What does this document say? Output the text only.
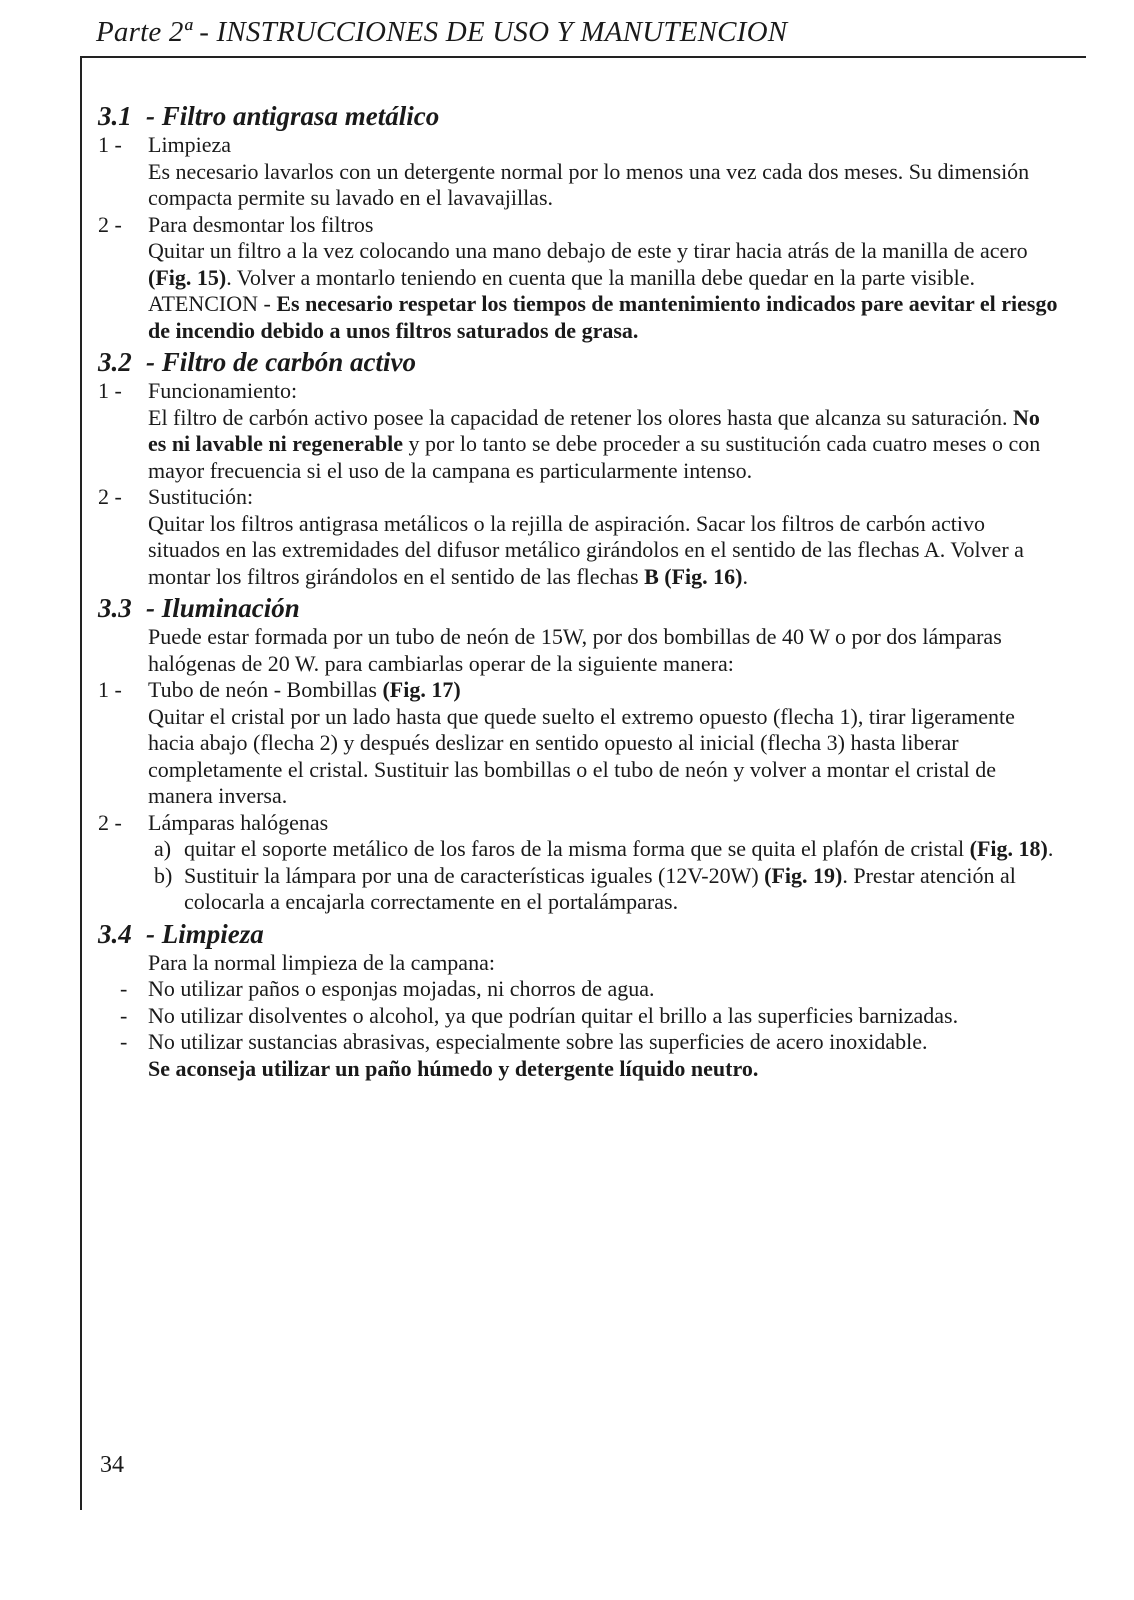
Parte 2ª - INSTRUCCIONES DE USO Y MANUTENCION
3.1 - Filtro antigrasa metálico
1 -	Limpieza

Es necesario lavarlos con un detergente normal por lo menos una vez cada dos meses. Su dimensión compacta permite su lavado en el lavavajillas.

2 -	Para desmontar los filtros

Quitar un filtro a la vez colocando una mano debajo de este y tirar hacia atrás de la manilla de acero (Fig. 15). Volver a montarlo teniendo en cuenta que la manilla debe quedar en la parte visible. ATENCION - Es necesario respetar los tiempos de mantenimiento indicados pare aevitar el riesgo de incendio debido a unos filtros saturados de grasa.

3.2 - Filtro de carbón activo
1 -	Funcionamiento:

El filtro de carbón activo posee la capacidad de retener los olores hasta que alcanza su saturación. No es ni lavable ni regenerable y por lo tanto se debe proceder a su sustitución cada cuatro meses o con mayor frecuencia si el uso de la campana es particularmente intenso.

2 -	Sustitución:

Quitar los filtros antigrasa metálicos o la rejilla de aspiración. Sacar los filtros de carbón activo situados en las extremidades del difusor metálico girándolos en el sentido de las flechas A. Volver a montar los filtros girándolos en el sentido de las flechas B (Fig. 16).

3.3 - Iluminación

Puede estar formada por un tubo de neón de 15W, por dos bombillas de 40 W o por dos lámparas halógenas de 20 W. para cambiarlas operar de la siguiente manera:

1 -	Tubo de neón - Bombillas (Fig. 17)

Quitar el cristal por un lado hasta que quede suelto el extremo opuesto (flecha 1), tirar ligeramente hacia abajo (flecha 2) y después deslizar en sentido opuesto al inicial (flecha 3) hasta liberar completamente el cristal. Sustituir las bombillas o el tubo de neón y volver a montar el cristal de manera inversa.

2 -	Lámparas halógenas

a) quitar el soporte metálico de los faros de la misma forma que se quita el plafón de cristal (Fig. 18).

b) Sustituir la lámpara por una de características iguales (12V-20W) (Fig. 19). Prestar atención al colocarla a encajarla correctamente en el portalámparas.

3.4 - Limpieza

Para la normal limpieza de la campana:

- No utilizar paños o esponjas mojadas, ni chorros de agua.

- No utilizar disolventes o alcohol, ya que podrían quitar el brillo a las superficies barnizadas.

- No utilizar sustancias abrasivas, especialmente sobre las superficies de acero inoxidable.

Se aconseja utilizar un paño húmedo y detergente líquido neutro.

34
